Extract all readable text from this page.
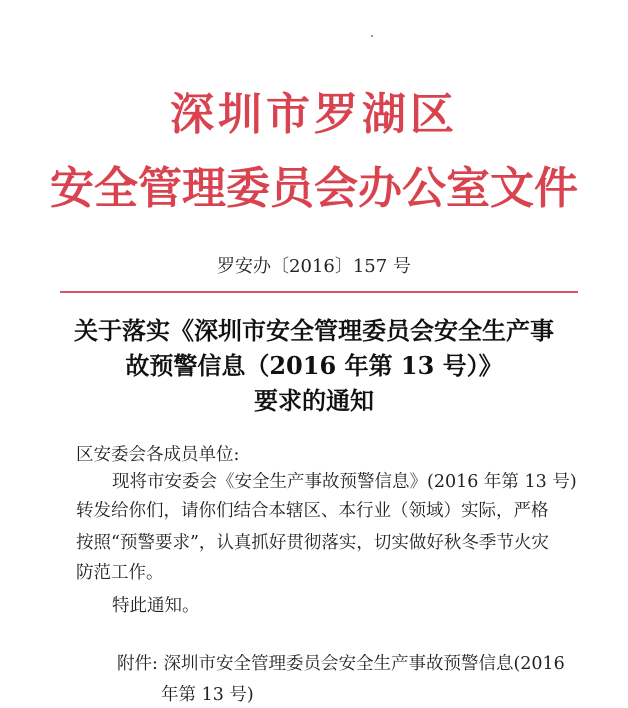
深圳市罗湖区
安全管理委员会办公室文件
罗安办〔2016〕157 号
关于落实《深圳市安全管理委员会安全生产事
故预警信息（2016 年第 13 号）》
要求的通知
区安委会各成员单位:
现将市安委会《安全生产事故预警信息》(2016 年第 13 号)
转发给你们，请你们结合本辖区、本行业（领域）实际，严格
按照“预警要求”，认真抓好贯彻落实，切实做好秋冬季节火灾
防范工作。
特此通知。
附件: 深圳市安全管理委员会安全生产事故预警信息(2016
年第 13 号)
